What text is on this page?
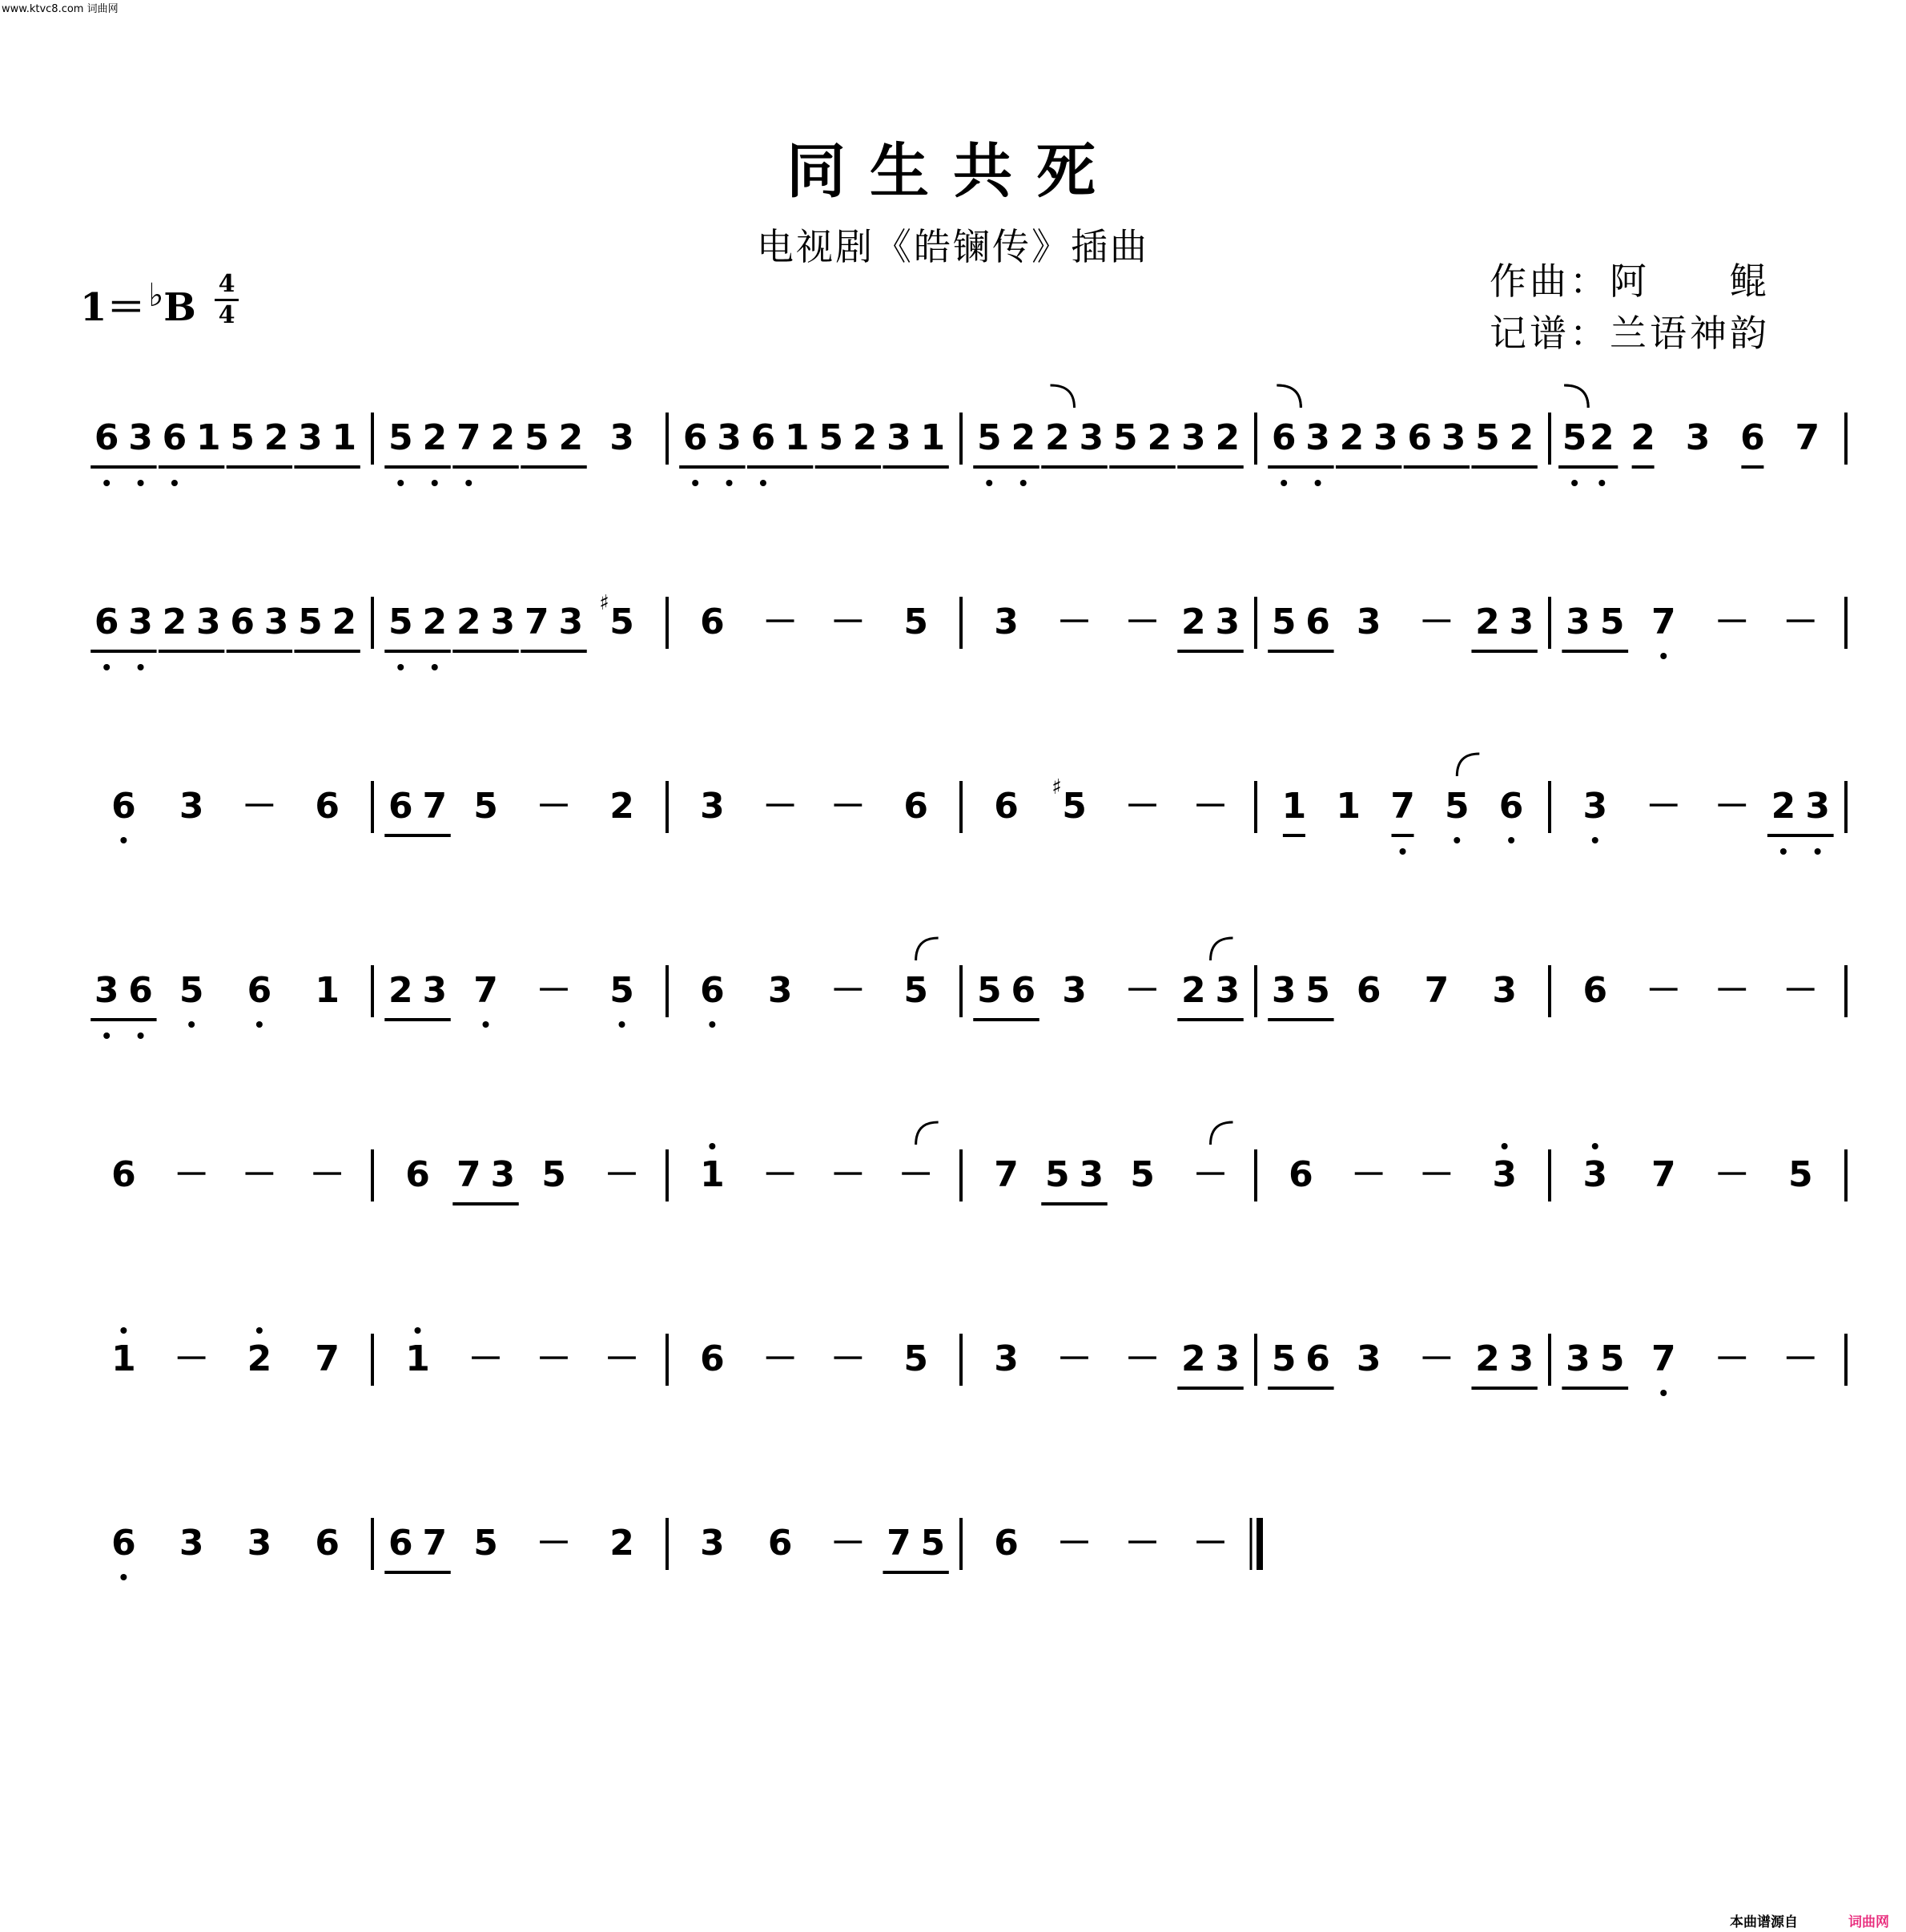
www.ktvc8.com 词曲网
同生共死
电视剧《皓镧传》插曲
作曲：阿　　鲲
记谱：兰语神韵
1＝ ♭B
4
4
6 3 6 1 5 2 3 1 5 2 7 2 5 2 3 6 3 6 1 5 2 3 1 5 2 2 3 5 2 3 2 6 3 2 3 6 3 5 2 5 2 2 3 6 7
6 3 2 3 6 3 5 2 5 2 2 3 7 3 5
♯	6 － － 5 3 － － 2 3 5 6 3 － 2 3 3 5 7 － －
6 3 － 6 6 7 5 － 2 3 － － 6 6 5
♯ － － 1 1 7 5 6 3 － － 2 3
3 6 5 6 1 2 3 7 － 5 6 3 － 5 5 6 3 － 2 3 3 5 6 7 3 6 － － －
6 － － － 6 7 3 5 － 1 － － － 7 5 3 5 － 6 － － 3 3 7 － 5
1 － 2 7 1 － － － 6 － － 5 3 － － 2 3 5 6 3 － 2 3 3 5 7 － －
6 3 3 6 6 7 5 － 2 3 6 － 7 5 6 － － －
本曲谱源自	词曲网
